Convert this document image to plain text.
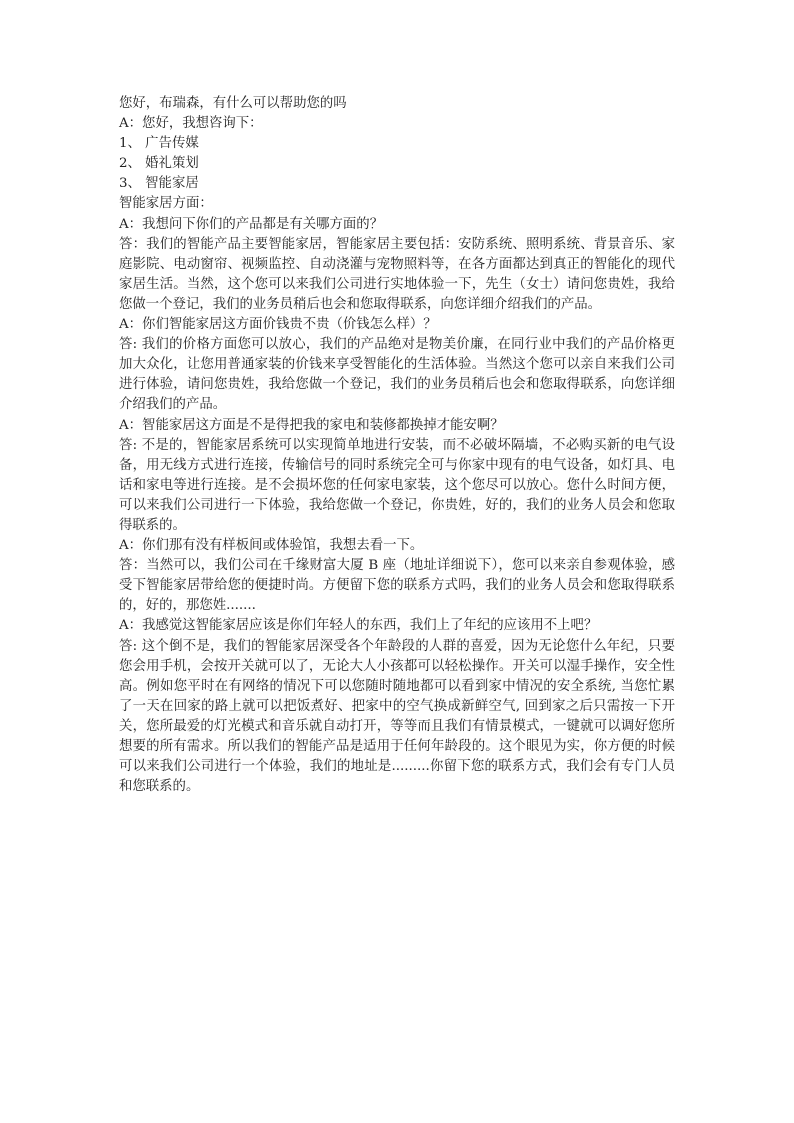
您好，布瑞森，有什么可以帮助您的吗

A：您好，我想咨询下：

1、 广告传媒

2、 婚礼策划

3、 智能家居

智能家居方面：

A：我想问下你们的产品都是有关哪方面的？

答：我们的智能产品主要智能家居，智能家居主要包括：安防系统、照明系统、背景音乐、家庭影院、电动窗帘、视频监控、自动浇灌与宠物照料等，在各方面都达到真正的智能化的现代家居生活。当然，这个您可以来我们公司进行实地体验一下，先生（女士）请问您贵姓，我给您做一个登记，我们的业务员稍后也会和您取得联系，向您详细介绍我们的产品。

A：你们智能家居这方面价钱贵不贵（价钱怎么样）？

答: 我们的价格方面您可以放心，我们的产品绝对是物美价廉，在同行业中我们的产品价格更加大众化，让您用普通家装的价钱来享受智能化的生活体验。当然这个您可以亲自来我们公司进行体验，请问您贵姓，我给您做一个登记，我们的业务员稍后也会和您取得联系，向您详细介绍我们的产品。

A：智能家居这方面是不是得把我的家电和装修都换掉才能安啊？

答: 不是的，智能家居系统可以实现简单地进行安装，而不必破坏隔墙，不必购买新的电气设备，用无线方式进行连接，传输信号的同时系统完全可与你家中现有的电气设备，如灯具、电话和家电等进行连接。是不会损坏您的任何家电家装，这个您尽可以放心。您什么时间方便，可以来我们公司进行一下体验，我给您做一个登记，你贵姓，好的，我们的业务人员会和您取得联系的。

A：你们那有没有样板间或体验馆，我想去看一下。

答：当然可以，我们公司在千缘财富大厦 B 座（地址详细说下），您可以来亲自参观体验，感受下智能家居带给您的便捷时尚。方便留下您的联系方式吗，我们的业务人员会和您取得联系的，好的，那您姓.......

A：我感觉这智能家居应该是你们年轻人的东西，我们上了年纪的应该用不上吧？

答: 这个倒不是，我们的智能家居深受各个年龄段的人群的喜爱，因为无论您什么年纪，只要您会用手机，会按开关就可以了，无论大人小孩都可以轻松操作。开关可以湿手操作，安全性高。例如您平时在有网络的情况下可以您随时随地都可以看到家中情况的安全系统, 当您忙累了一天在回家的路上就可以把饭煮好、把家中的空气换成新鲜空气, 回到家之后只需按一下开关，您所最爱的灯光模式和音乐就自动打开，等等而且我们有情景模式，一键就可以调好您所想要的所有需求。所以我们的智能产品是适用于任何年龄段的。这个眼见为实，你方便的时候可以来我们公司进行一个体验，我们的地址是.........你留下您的联系方式，我们会有专门人员和您联系的。
